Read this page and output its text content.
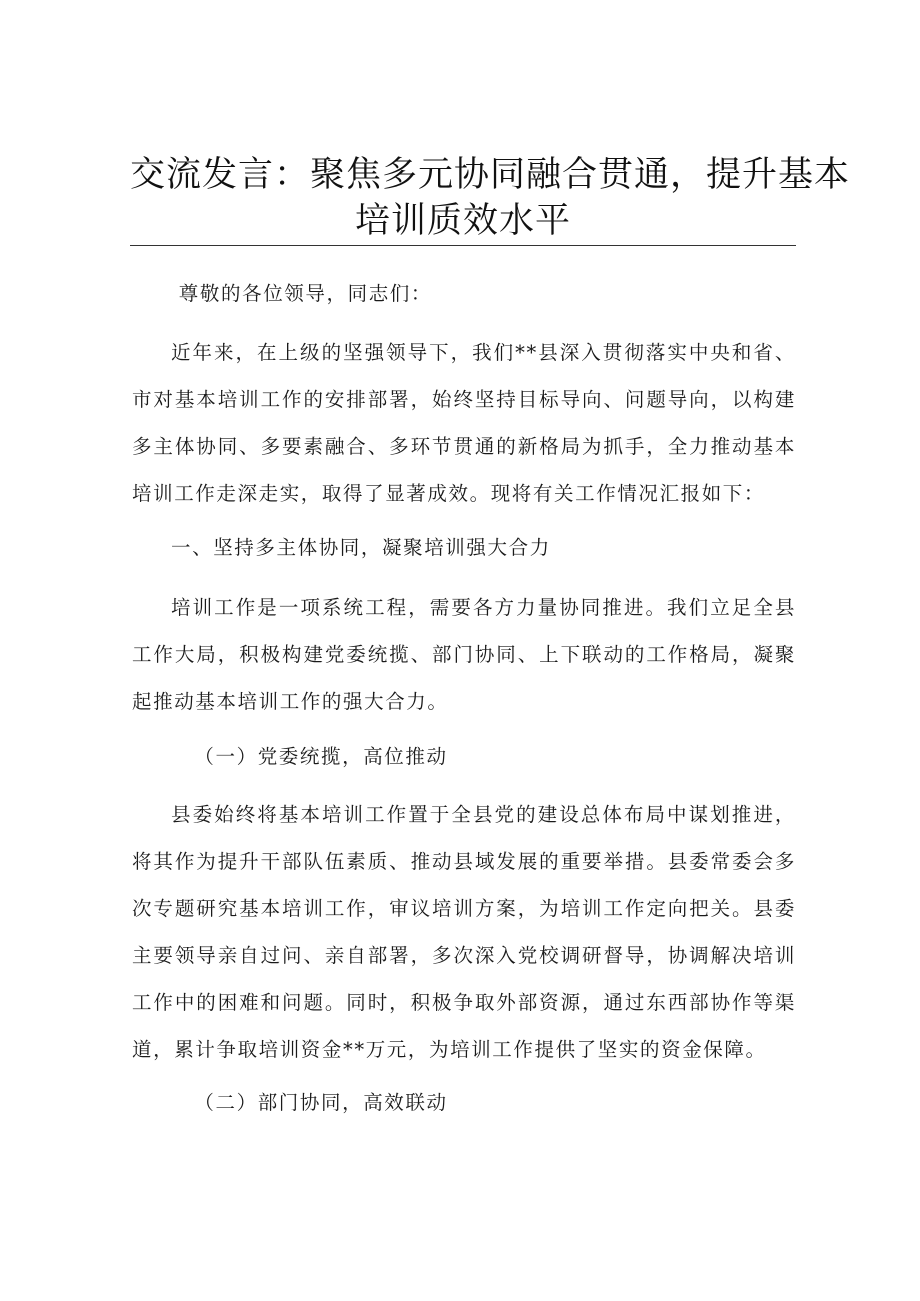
交流发言：聚焦多元协同融合贯通，提升基本
培训质效水平

尊敬的各位领导，同志们：

近年来，在上级的坚强领导下，我们**县深入贯彻落实中央和省、市对基本培训工作的安排部署，始终坚持目标导向、问题导向，以构建多主体协同、多要素融合、多环节贯通的新格局为抓手，全力推动基本培训工作走深走实，取得了显著成效。现将有关工作情况汇报如下：

一、坚持多主体协同，凝聚培训强大合力

培训工作是一项系统工程，需要各方力量协同推进。我们立足全县工作大局，积极构建党委统揽、部门协同、上下联动的工作格局，凝聚起推动基本培训工作的强大合力。

（一）党委统揽，高位推动

县委始终将基本培训工作置于全县党的建设总体布局中谋划推进，将其作为提升干部队伍素质、推动县域发展的重要举措。县委常委会多次专题研究基本培训工作，审议培训方案，为培训工作定向把关。县委主要领导亲自过问、亲自部署，多次深入党校调研督导，协调解决培训工作中的困难和问题。同时，积极争取外部资源，通过东西部协作等渠道，累计争取培训资金**万元，为培训工作提供了坚实的资金保障。

（二）部门协同，高效联动
